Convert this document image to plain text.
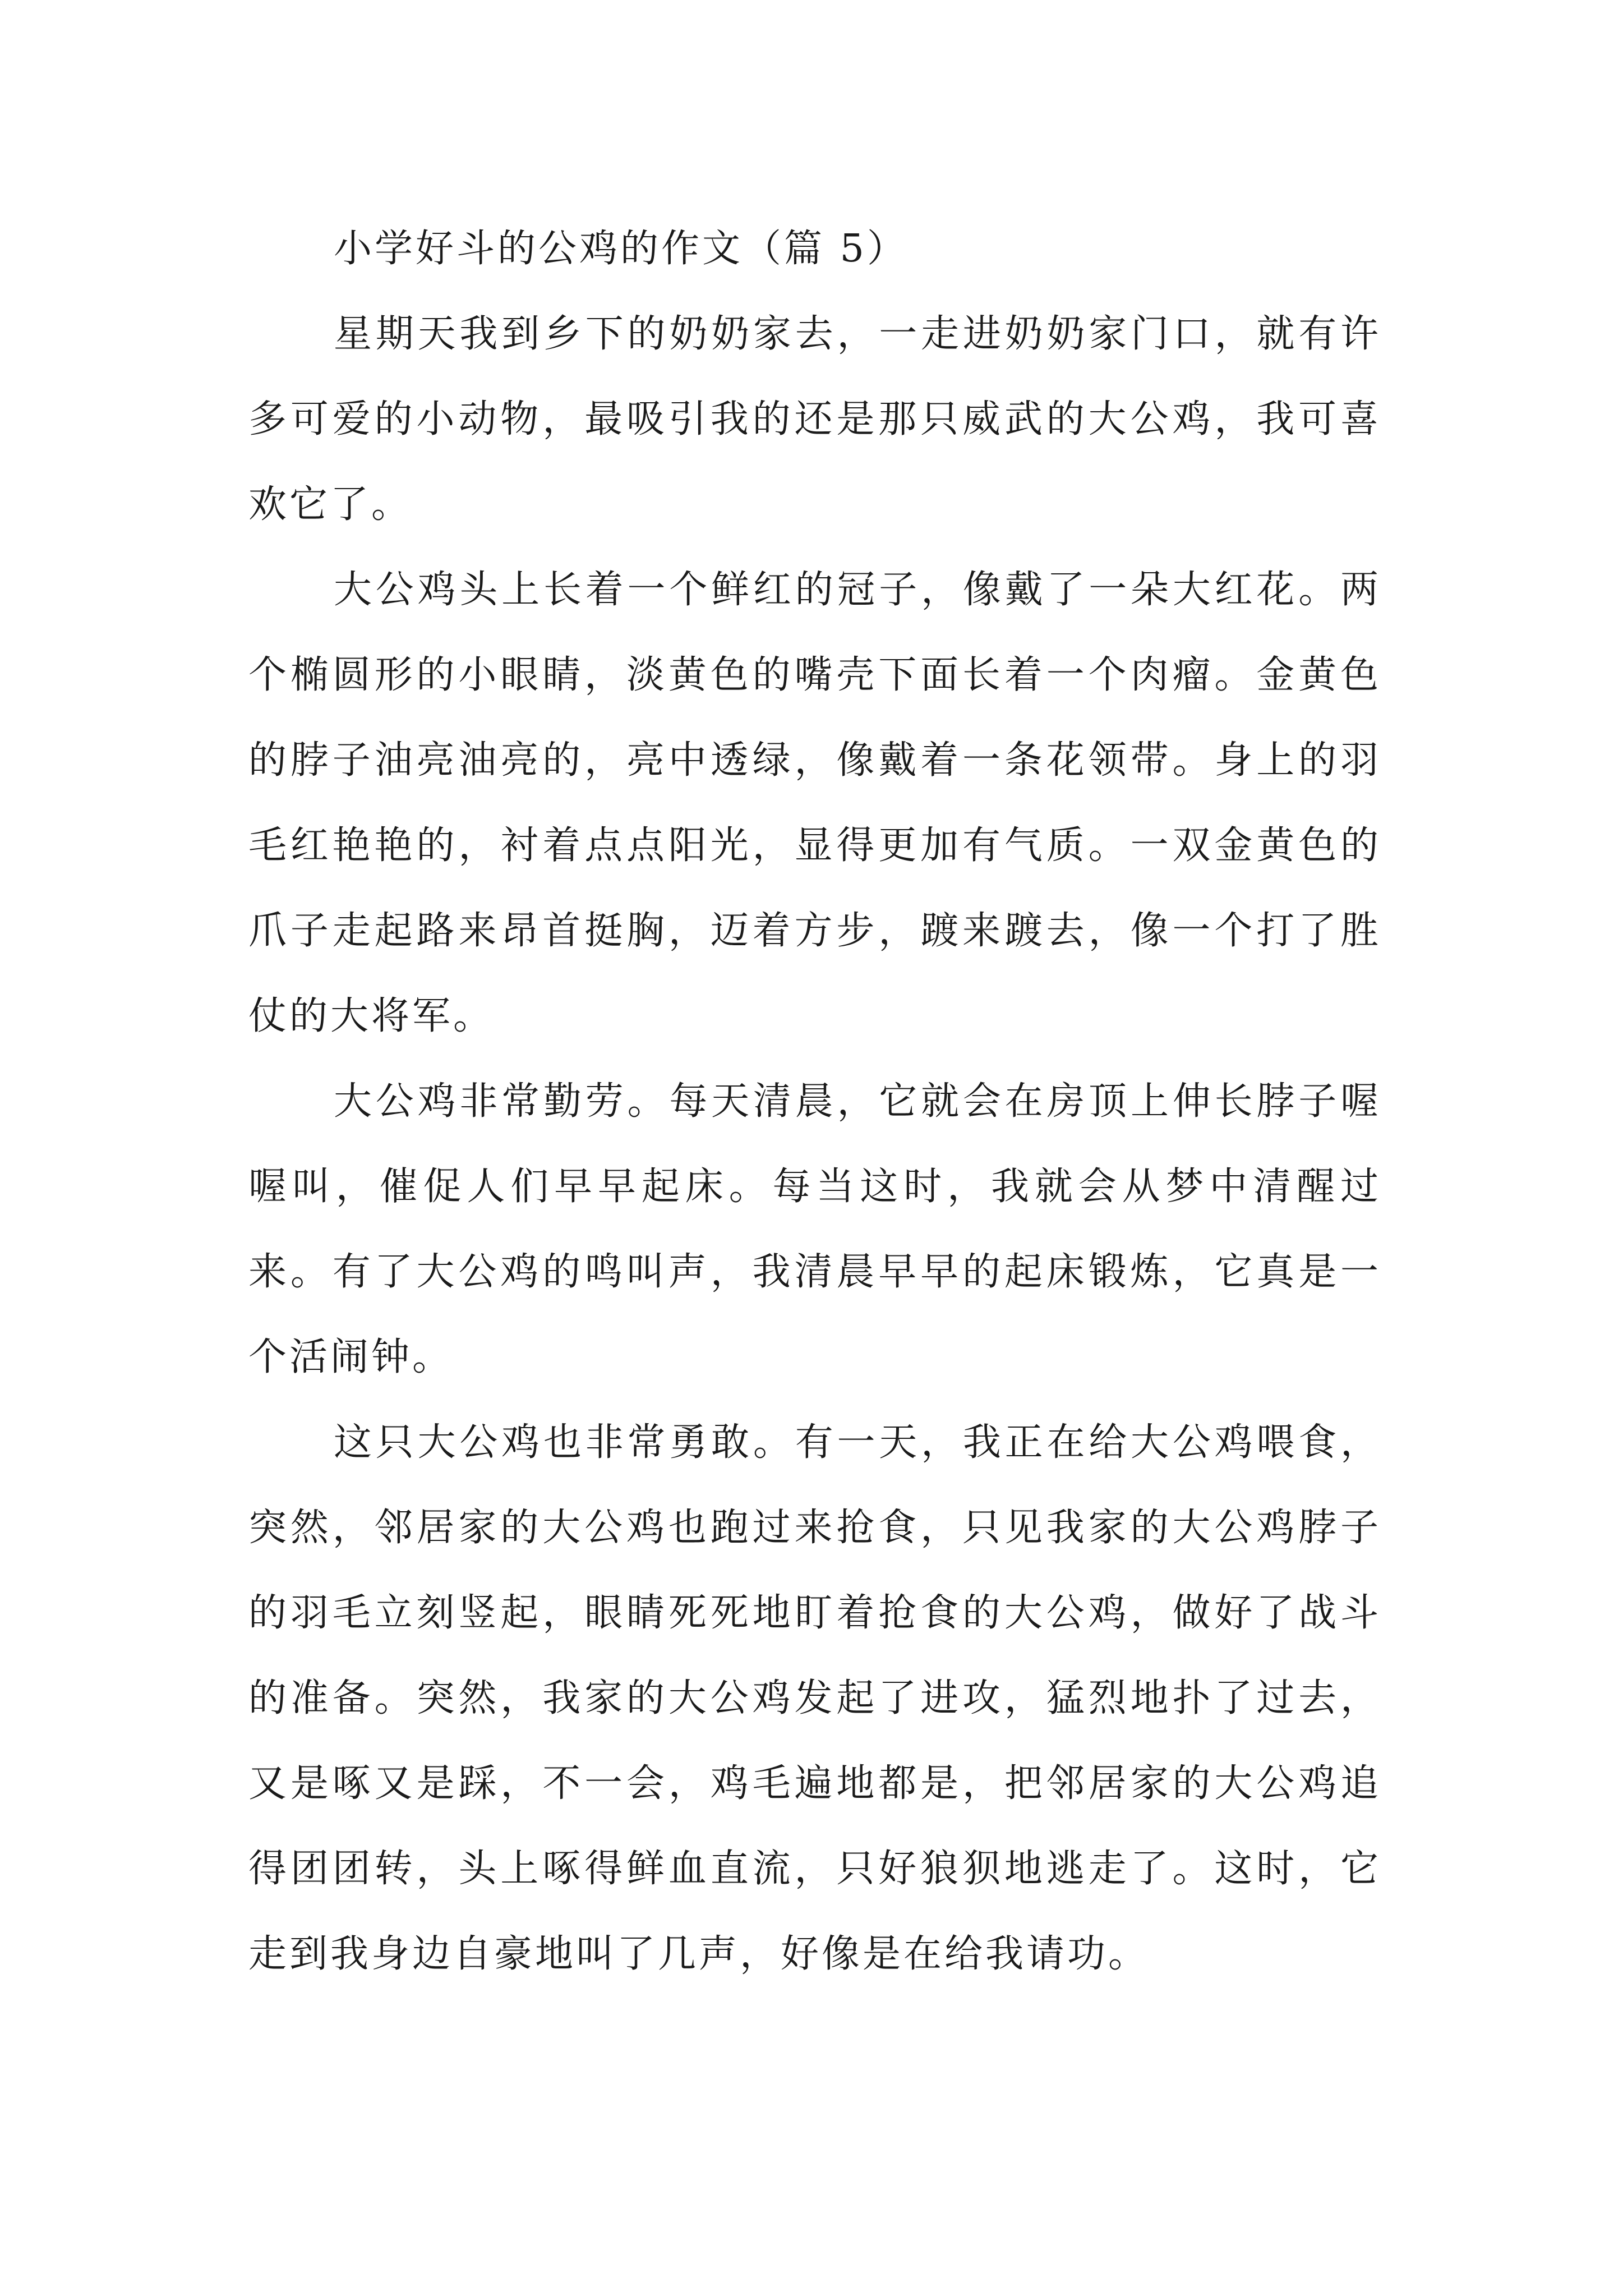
小学好斗的公鸡的作文（篇 5）

星期天我到乡下的奶奶家去，一走进奶奶家门口，就有许多可爱的小动物，最吸引我的还是那只威武的大公鸡，我可喜欢它了。

大公鸡头上长着一个鲜红的冠子，像戴了一朵大红花。两个椭圆形的小眼睛，淡黄色的嘴壳下面长着一个肉瘤。金黄色的脖子油亮油亮的，亮中透绿，像戴着一条花领带。身上的羽毛红艳艳的，衬着点点阳光，显得更加有气质。一双金黄色的爪子走起路来昂首挺胸，迈着方步，踱来踱去，像一个打了胜仗的大将军。

大公鸡非常勤劳。每天清晨，它就会在房顶上伸长脖子喔喔叫，催促人们早早起床。每当这时，我就会从梦中清醒过来。有了大公鸡的鸣叫声，我清晨早早的起床锻炼，它真是一个活闹钟。

这只大公鸡也非常勇敢。有一天，我正在给大公鸡喂食，突然，邻居家的大公鸡也跑过来抢食，只见我家的大公鸡脖子的羽毛立刻竖起，眼睛死死地盯着抢食的大公鸡，做好了战斗的准备。突然，我家的大公鸡发起了进攻，猛烈地扑了过去，又是啄又是踩，不一会，鸡毛遍地都是，把邻居家的大公鸡追得团团转，头上啄得鲜血直流，只好狼狈地逃走了。这时，它走到我身边自豪地叫了几声，好像是在给我请功。
